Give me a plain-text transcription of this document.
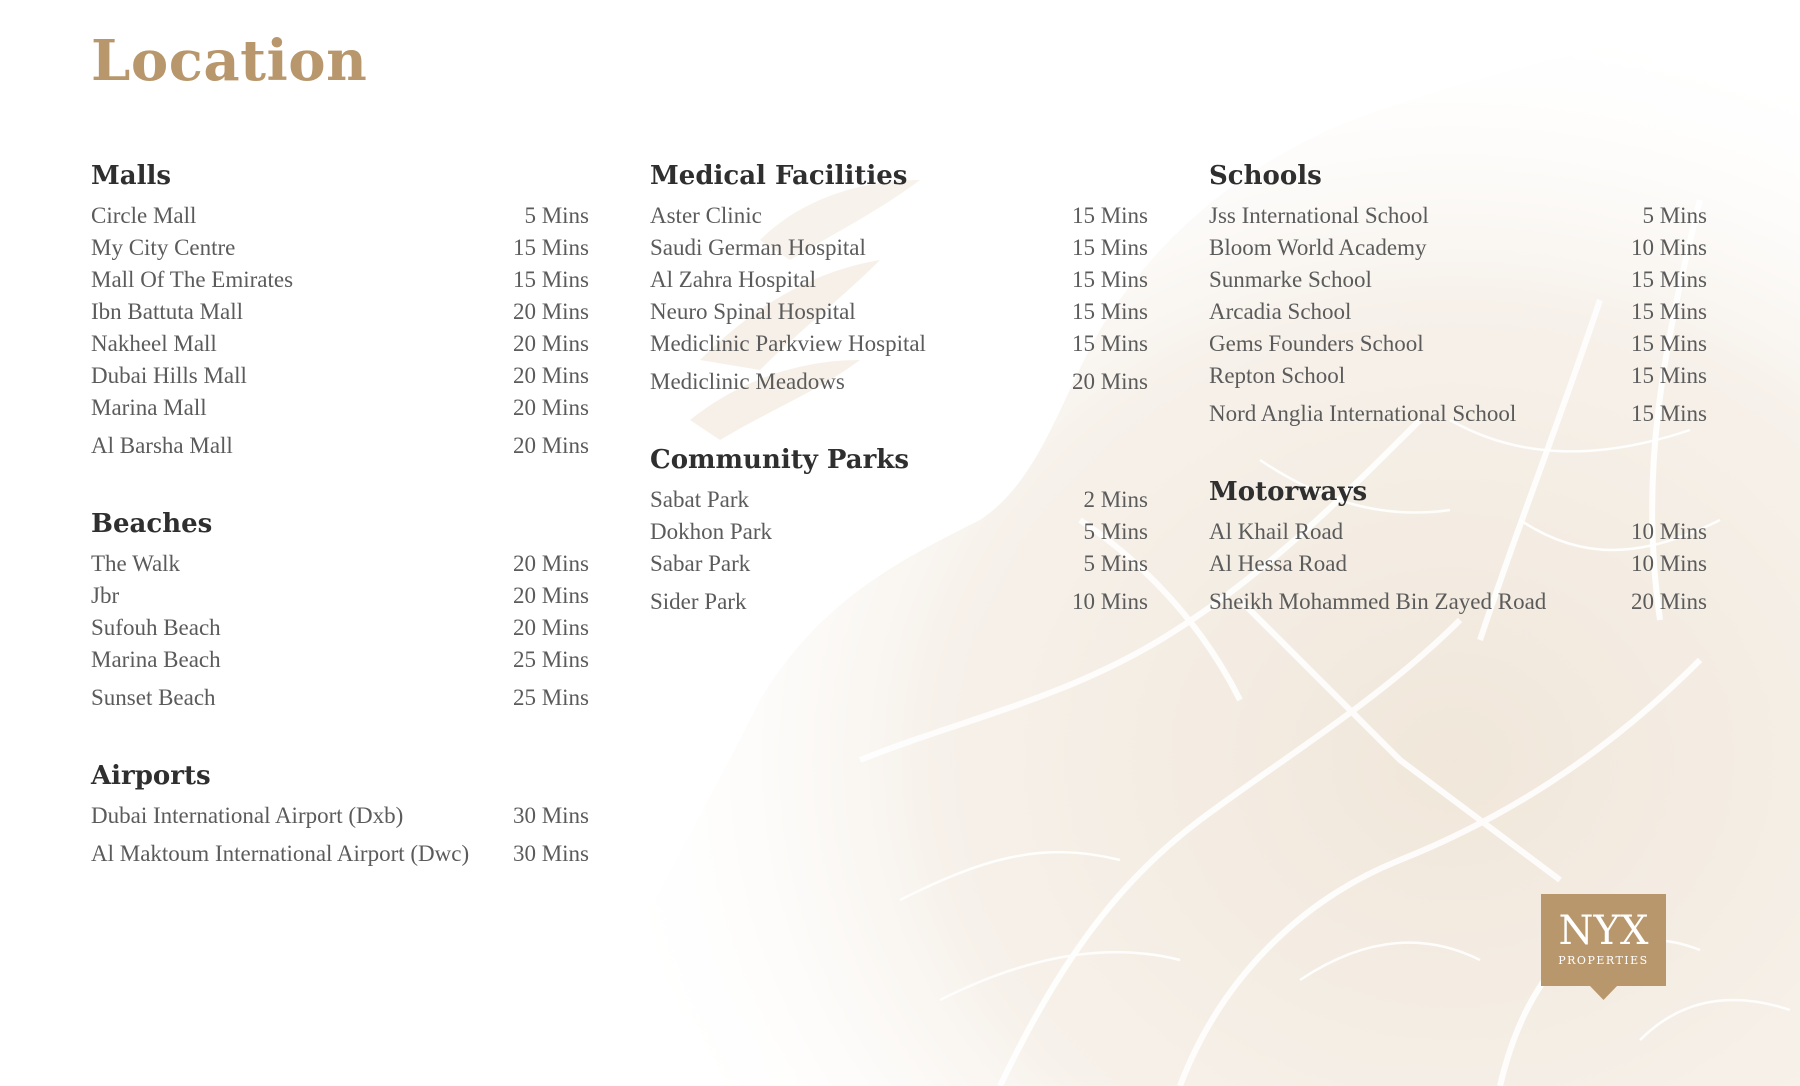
Location
Malls
Circle Mall	5 Mins
My City Centre	15 Mins
Mall Of The Emirates	15 Mins
Ibn Battuta Mall	20 Mins
Nakheel Mall	20 Mins
Dubai Hills Mall	20 Mins
Marina Mall	20 Mins
Al Barsha Mall	20 Mins
Beaches
The Walk	20 Mins
Jbr	20 Mins
Sufouh Beach	20 Mins
Marina Beach	25 Mins
Sunset Beach	25 Mins
Airports
Dubai International Airport (Dxb)	30 Mins
Al Maktoum International Airport (Dwc) 30 Mins
Medical Facilities
Aster Clinic	15 Mins
Saudi German Hospital	15 Mins
Al Zahra Hospital	15 Mins
Neuro Spinal Hospital	15 Mins
Mediclinic Parkview Hospital	15 Mins
Mediclinic Meadows	20 Mins
Community Parks
Sabat Park	2 Mins
Dokhon Park	5 Mins
Sabar Park	5 Mins
Sider Park	10 Mins
Schools
Jss International School	5 Mins
Bloom World Academy	10 Mins
Sunmarke School	15 Mins
Arcadia School	15 Mins
Gems Founders School	15 Mins
Repton School	15 Mins
Nord Anglia International School	15 Mins
Motorways
Al Khail Road	10 Mins
Al Hessa Road	10 Mins
Sheikh Mohammed Bin Zayed Road	20 Mins
NYX
PROPERTIES
